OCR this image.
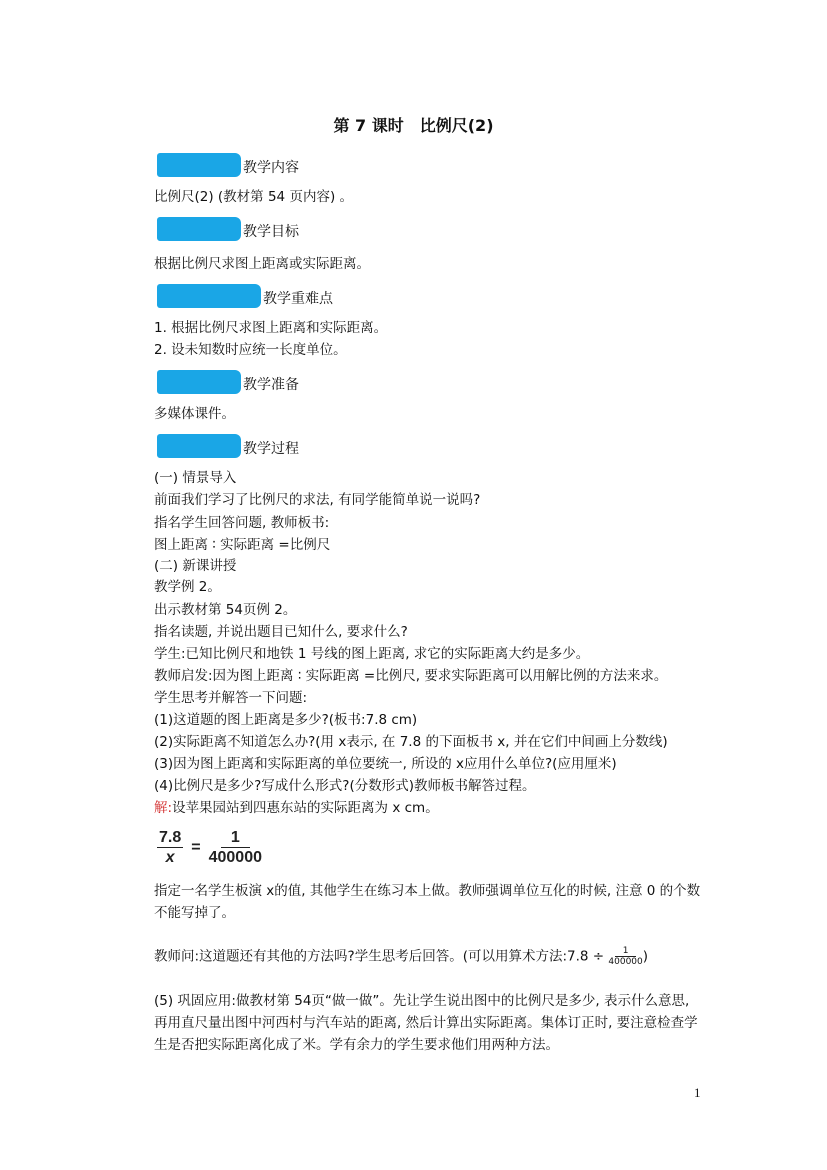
第 7 课时　比例尺(2)
教学内容
比例尺(2) (教材第 54 页内容) 。
教学目标
根据比例尺求图上距离或实际距离。
教学重难点
1. 根据比例尺求图上距离和实际距离。
2. 设未知数时应统一长度单位。
教学准备
多媒体课件。
教学过程
(一) 情景导入
前面我们学习了比例尺的求法, 有同学能简单说一说吗?
指名学生回答问题, 教师板书:
图上距离 ∶ 实际距离 =比例尺
(二) 新课讲授
教学例 2。
出示教材第 54页例 2。
指名读题, 并说出题目已知什么, 要求什么?
学生:已知比例尺和地铁 1 号线的图上距离, 求它的实际距离大约是多少。
教师启发:因为图上距离 ∶ 实际距离 =比例尺, 要求实际距离可以用解比例的方法来求。
学生思考并解答一下问题:
(1)这道题的图上距离是多少?(板书:7.8 cm)
(2)实际距离不知道怎么办?(用 x表示, 在 7.8 的下面板书 x, 并在它们中间画上分数线)
(3)因为图上距离和实际距离的单位要统一, 所设的 x应用什么单位?(应用厘米)
(4)比例尺是多少?写成什么形式?(分数形式)教师板书解答过程。
解:设苹果园站到四惠东站的实际距离为 x cm。
$\frac{7.8}{x} = \frac{1}{400000}$
指定一名学生板演 x的值, 其他学生在练习本上做。教师强调单位互化的时候, 注意 0 的个数不能写掉了。
教师问:这道题还有其他的方法吗?学生思考后回答。(可以用算术方法:7.8 ÷ $\frac{1}{400000}$ )
(5) 巩固应用:做教材第 54页“做一做”。先让学生说出图中的比例尺是多少, 表示什么意思, 再用直尺量出图中河西村与汽车站的距离, 然后计算出实际距离。集体订正时, 要注意检查学生是否把实际距离化成了米。学有余力的学生要求他们用两种方法。
1
